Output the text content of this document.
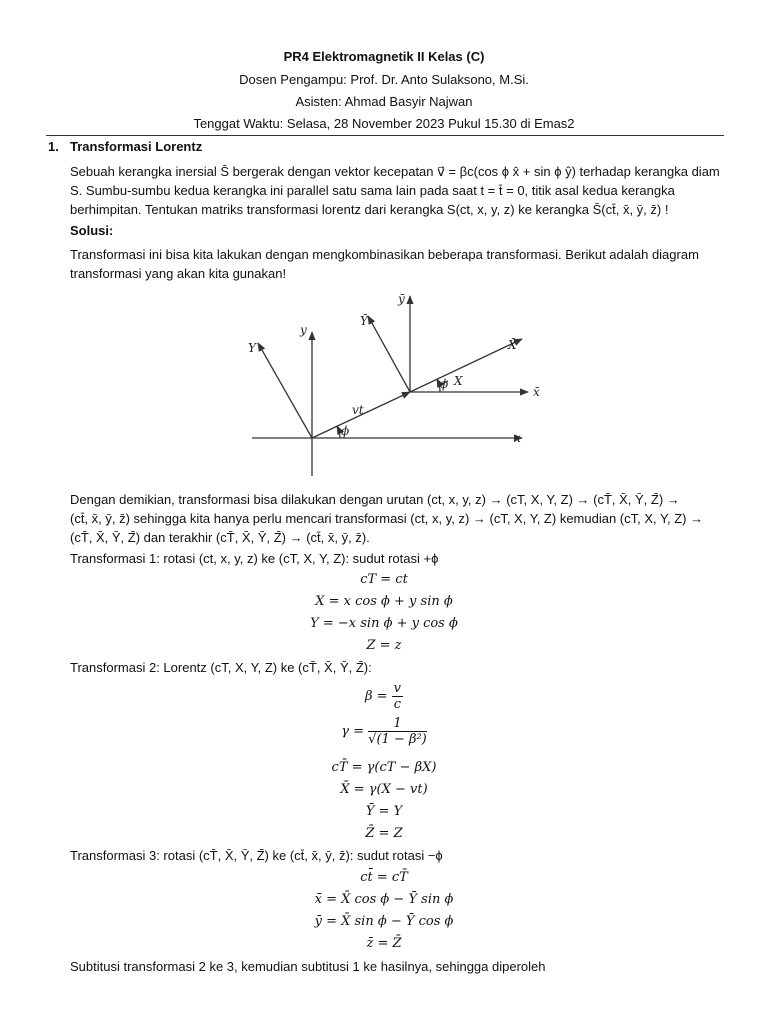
PR4 Elektromagnetik II Kelas (C)
Dosen Pengampu: Prof. Dr. Anto Sulaksono, M.Si.
Asisten: Ahmad Basyir Najwan
Tenggat Waktu: Selasa, 28 November 2023 Pukul 15.30 di Emas2
1. Transformasi Lorentz
Sebuah kerangka inersial S̄ bergerak dengan vektor kecepatan v⃗ = βc(cos ϕ x̂ + sin ϕ ŷ) terhadap kerangka diam
S. Sumbu-sumbu kedua kerangka ini parallel satu sama lain pada saat t = t̄ = 0, titik asal kedua kerangka
berhimpitan. Tentukan matriks transformasi lorentz dari kerangka S(ct, x, y, z) ke kerangka S̄(ct̄, x̄, ȳ, z̄) !
Solusi:
Transformasi ini bisa kita lakukan dengan mengkombinasikan beberapa transformasi. Berikut adalah diagram
transformasi yang akan kita gunakan!
y
x
Y
vt
ϕ
ȳ
x̄
Ȳ
X̄
X
ϕ
Dengan demikian, transformasi bisa dilakukan dengan urutan (ct, x, y, z) → (cT, X, Y, Z) → (cT̄, X̄, Ȳ, Z̄) →
(ct̄, x̄, ȳ, z̄) sehingga kita hanya perlu mencari transformasi (ct, x, y, z) → (cT, X, Y, Z) kemudian (cT, X, Y, Z) →
(cT̄, X̄, Ȳ, Z̄) dan terakhir (cT̄, X̄, Ȳ, Z̄) → (ct̄, x̄, ȳ, z̄).
Transformasi 1: rotasi (ct, x, y, z) ke (cT, X, Y, Z): sudut rotasi +ϕ
cT = ct
X = x cos ϕ + y sin ϕ
Y = −x sin ϕ + y cos ϕ
Z = z
Transformasi 2: Lorentz (cT, X, Y, Z) ke (cT̄, X̄, Ȳ, Z̄):
$\beta = \frac{v}{c}$
$\gamma = \frac{1}{\text{√(1 − β²)}}$
cT̄ = γ(cT − βX)
X̄ = γ(X − vt)
Ȳ = Y
Z̄ = Z
Transformasi 3: rotasi (cT̄, X̄, Ȳ, Z̄) ke (ct̄, x̄, ȳ, z̄): sudut rotasi −ϕ
ct̄ = cT̄
x̄ = X̄ cos ϕ − Ȳ sin ϕ
ȳ = X̄ sin ϕ − Ȳ cos ϕ
z̄ = Z̄
Subtitusi transformasi 2 ke 3, kemudian subtitusi 1 ke hasilnya, sehingga diperoleh
